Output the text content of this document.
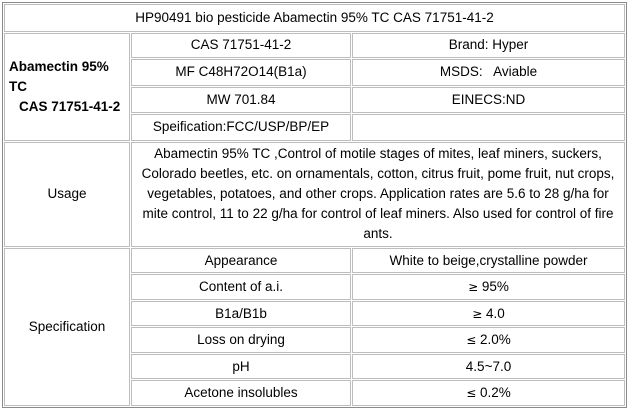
HP90491 bio pesticide Abamectin 95% TC CAS 71751-41-2		

Abamectin 95%
TC
CAS 71751-41-2	CAS 71751-41-2	Brand: Hyper
	MF C48H72O14(B1a)	MSDS:   Aviable
	MW 701.84	EINECS:ND
	Speification:FCC/USP/BP/EP	
Usage	Abamectin 95% TC ,Control of motile stages of mites, leaf miners, suckers, Colorado beetles, etc. on ornamentals, cotton, citrus fruit, pome fruit, nut crops, vegetables, potatoes, and other crops. Application rates are 5.6 to 28 g/ha for mite control, 11 to 22 g/ha for control of leaf miners. Also used for control of fire ants.	
Specification	Appearance	White to beige,crystalline powder
	Content of a.i.	≥ 95%
	B1a/B1b	≥ 4.0
	Loss on drying	≤ 2.0%
	pH	4.5~7.0
	Acetone insolubles	≤ 0.2%
